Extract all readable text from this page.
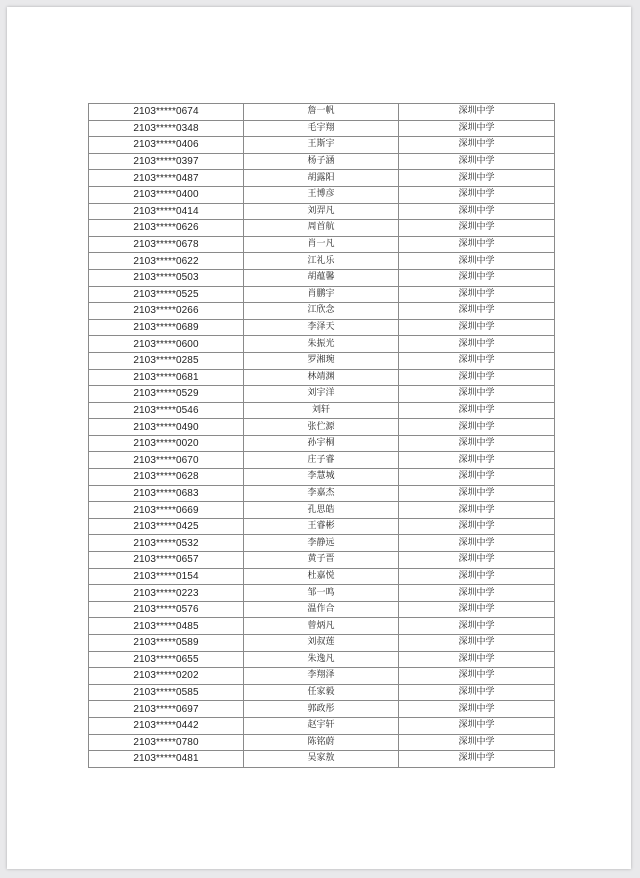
2103*****0674	詹一帆	深圳中学
2103*****0348	毛宇翔	深圳中学
2103*****0406	王斯宇	深圳中学
2103*****0397	杨子涵	深圳中学
2103*****0487	胡露阳	深圳中学
2103*****0400	王博彦	深圳中学
2103*****0414	刘羿凡	深圳中学
2103*****0626	周首航	深圳中学
2103*****0678	肖一凡	深圳中学
2103*****0622	江礼乐	深圳中学
2103*****0503	胡蕴馨	深圳中学
2103*****0525	肖鹏宇	深圳中学
2103*****0266	江欣念	深圳中学
2103*****0689	李泽天	深圳中学
2103*****0600	朱振光	深圳中学
2103*****0285	罗湘琬	深圳中学
2103*****0681	林靖渊	深圳中学
2103*****0529	刘宇洋	深圳中学
2103*****0546	刘轩	深圳中学
2103*****0490	张伫源	深圳中学
2103*****0020	孙宇桐	深圳中学
2103*****0670	庄子睿	深圳中学
2103*****0628	李慧城	深圳中学
2103*****0683	李嘉杰	深圳中学
2103*****0669	孔思皓	深圳中学
2103*****0425	王睿彬	深圳中学
2103*****0532	李静远	深圳中学
2103*****0657	黄子晋	深圳中学
2103*****0154	杜嘉悦	深圳中学
2103*****0223	邹一鸣	深圳中学
2103*****0576	温作合	深圳中学
2103*****0485	曾炳凡	深圳中学
2103*****0589	刘叔莲	深圳中学
2103*****0655	朱逸凡	深圳中学
2103*****0202	李翔泽	深圳中学
2103*****0585	任家毅	深圳中学
2103*****0697	郭政彤	深圳中学
2103*****0442	赵宇轩	深圳中学
2103*****0780	陈铭蔚	深圳中学
2103*****0481	吴家敖	深圳中学
